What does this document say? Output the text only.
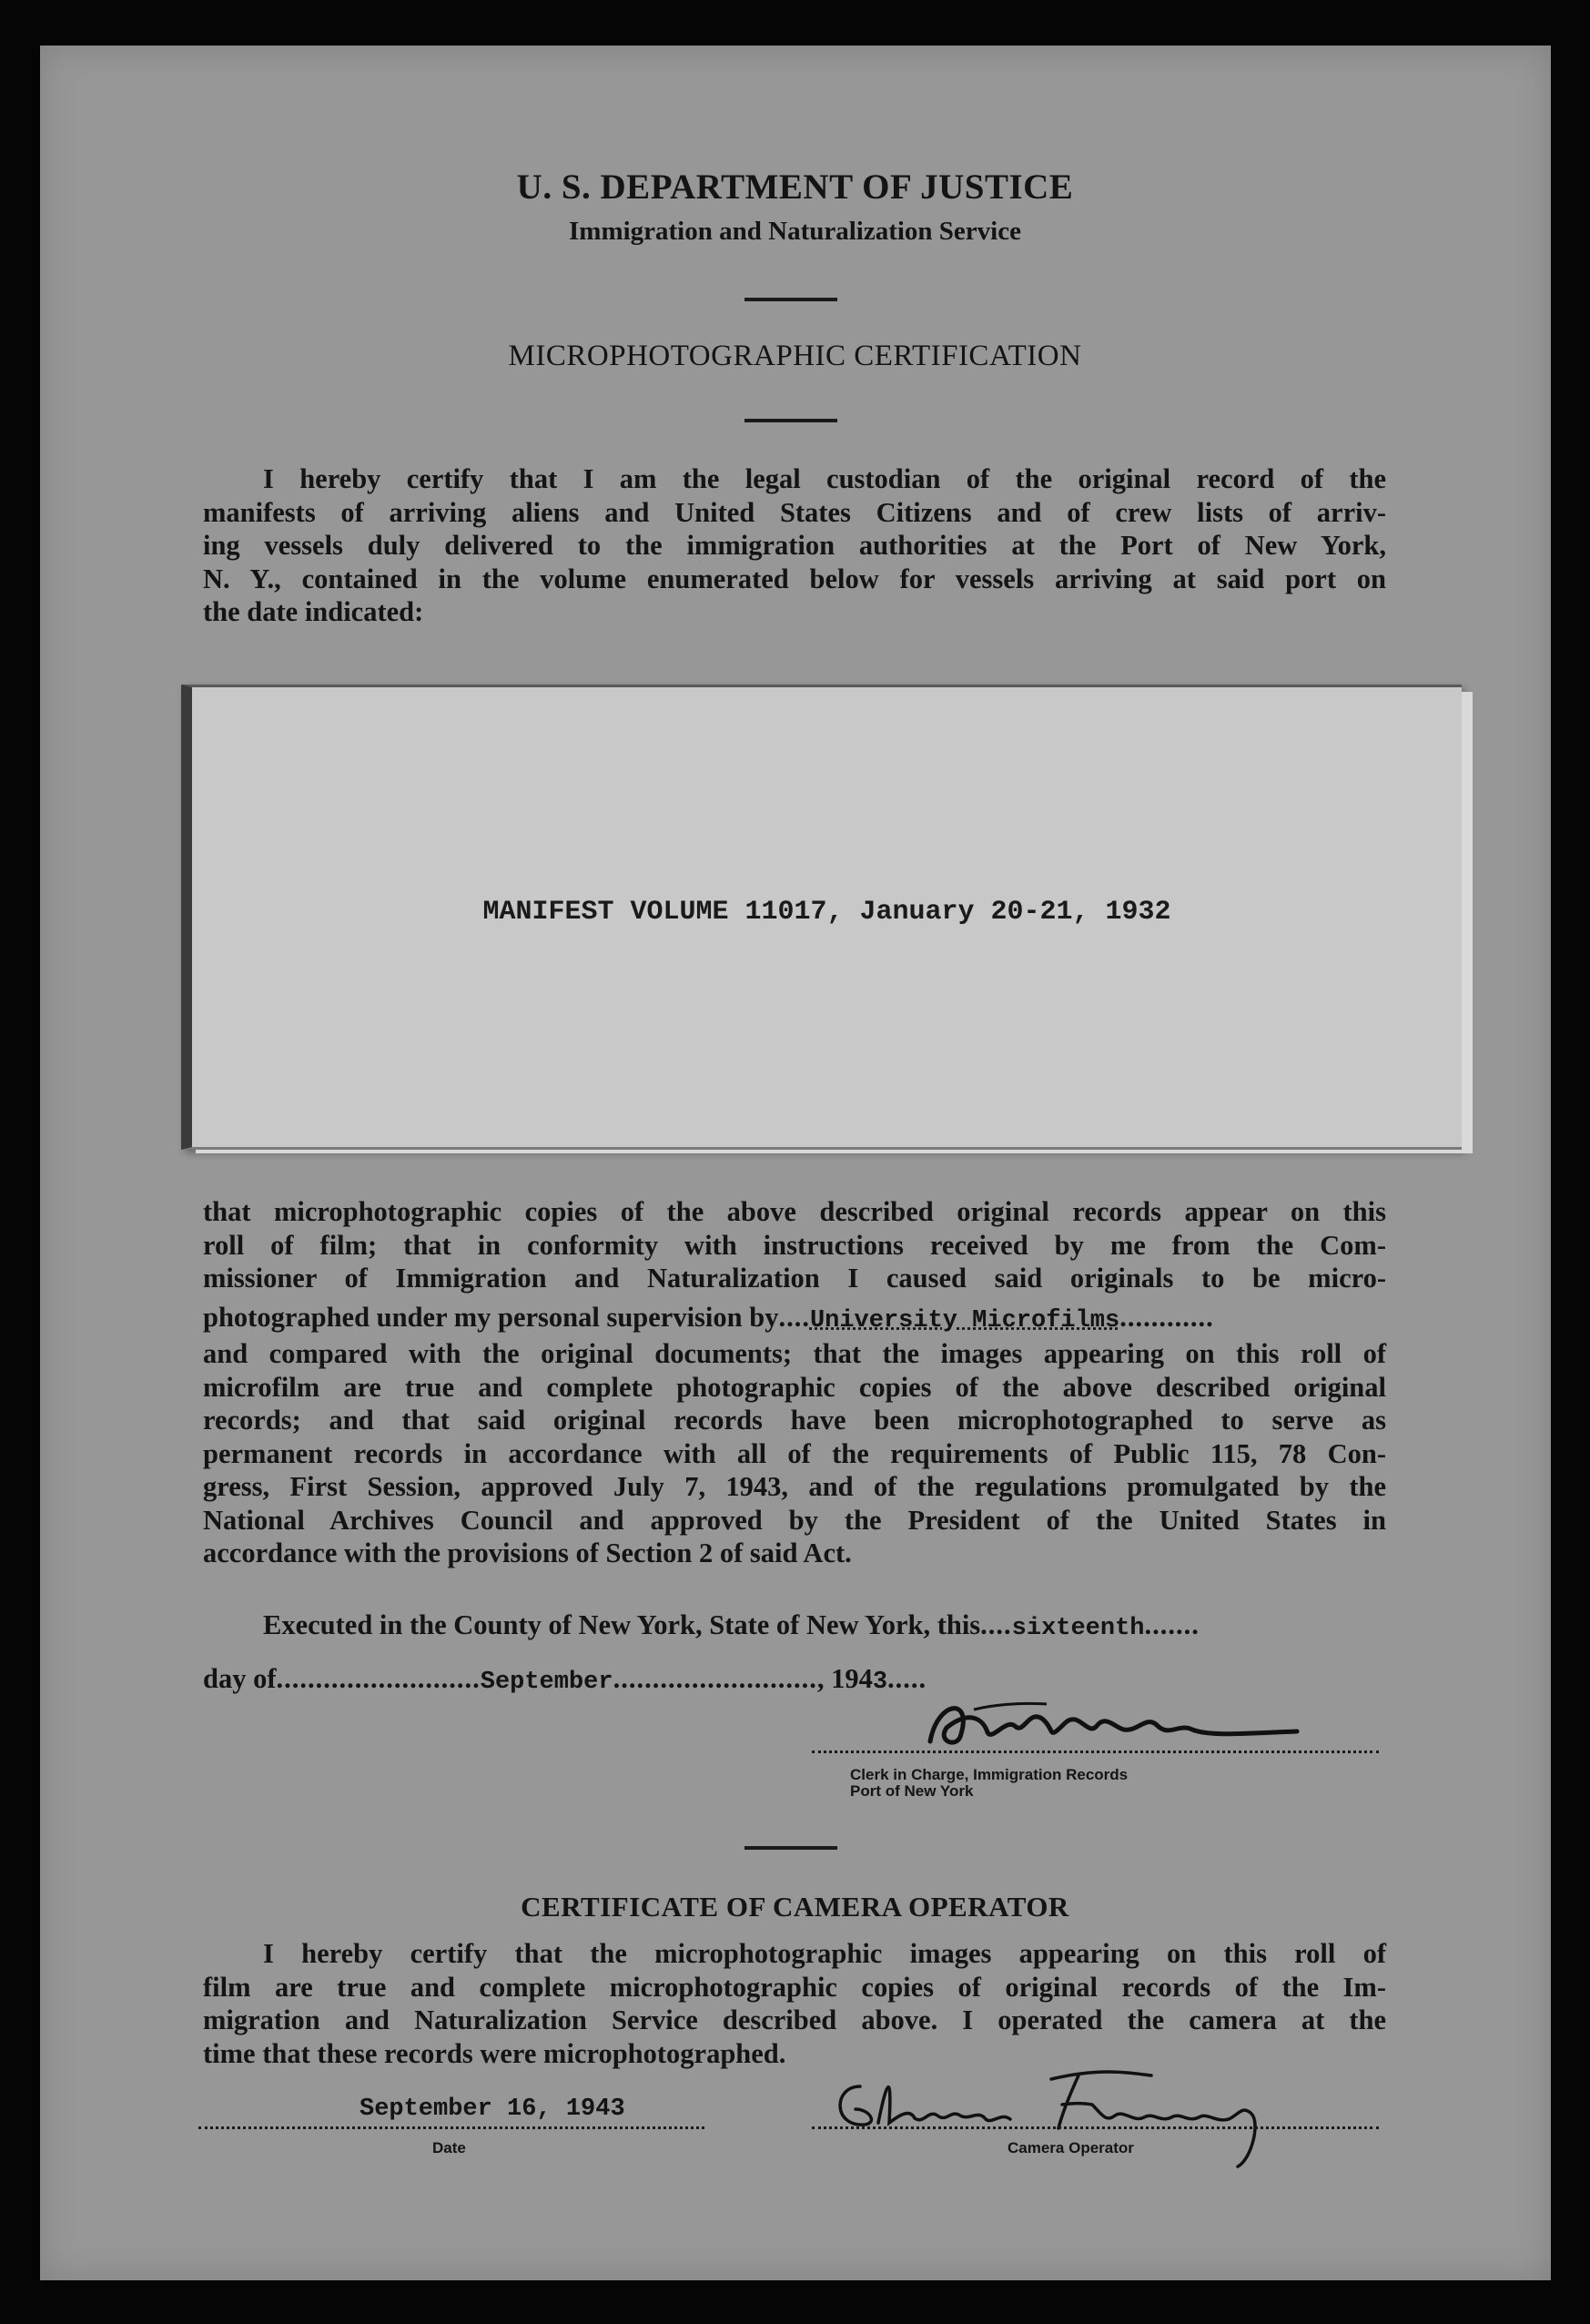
U. S. DEPARTMENT OF JUSTICE
Immigration and Naturalization Service
MICROPHOTOGRAPHIC CERTIFICATION
I hereby certify that I am the legal custodian of the original record of the
manifests of arriving aliens and United States Citizens and of crew lists of arriv-
ing vessels duly delivered to the immigration authorities at the Port of New York,
N. Y., contained in the volume enumerated below for vessels arriving at said port on
the date indicated:
MANIFEST VOLUME 11017, January 20-21, 1932
that microphotographic copies of the above described original records appear on this
roll of film; that in conformity with instructions received by me from the Com-
missioner of Immigration and Naturalization I caused said originals to be micro-
photographed under my personal supervision by....University Microfilms............
and compared with the original documents; that the images appearing on this roll of
microfilm are true and complete photographic copies of the above described original
records; and that said original records have been microphotographed to serve as
permanent records in accordance with all of the requirements of Public 115, 78 Con-
gress, First Session, approved July 7, 1943, and of the regulations promulgated by the
National Archives Council and approved by the President of the United States in
accordance with the provisions of Section 2 of said Act.
Executed in the County of New York, State of New York, this....sixteenth.......
day of..........................September.........................., 1943.....
Clerk in Charge, Immigration Records
Port of New York
CERTIFICATE OF CAMERA OPERATOR
I hereby certify that the microphotographic images appearing on this roll of
film are true and complete microphotographic copies of original records of the Im-
migration and Naturalization Service described above. I operated the camera at the
time that these records were microphotographed.
September 16, 1943
Date	Camera Operator
